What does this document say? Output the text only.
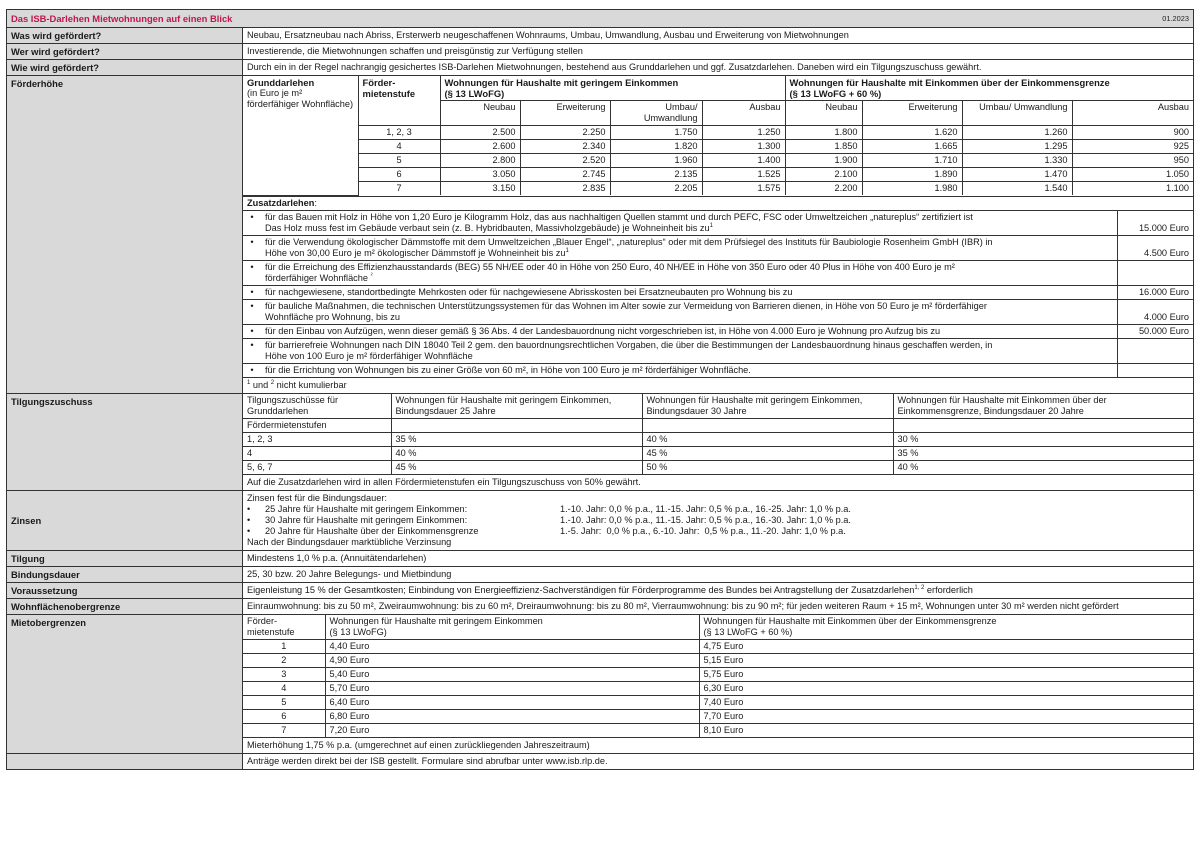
Das ISB-Darlehen Mietwohnungen auf einen Blick	01.2023

Was wird gefördert?	Neubau, Ersatzneubau nach Abriss, Ersterwerb neugeschaffenen Wohnraums, Umbau, Umwandlung, Ausbau und Erweiterung von Mietwohnungen

Wer wird gefördert?	Investierende, die Mietwohnungen schaffen und preisgünstig zur Verfügung stellen

Wie wird gefördert?	Durch ein in der Regel nachrangig gesichertes ISB-Darlehen Mietwohnungen, bestehend aus Grunddarlehen und ggf. Zusatzdarlehen. Daneben wird ein Tilgungszuschuss gewährt.

Förderhöhe		Grunddarlehen
(in Euro je m² förderfähiger Wohnfläche)
	Förder-mietenstufe	
Wohnungen für Haushalte mit geringem Einkommen
(§ 13 LWoFG)

Wohnungen für Haushalte mit Einkommen über der Einkommensgrenze
(§ 13 LWoFG + 60 %)

Neubau	Erweiterung	Umbau/ Umwandlung	Ausbau	Neubau	Erweiterung	Umbau/ Umwandlung	Ausbau
1, 2, 3	2.500	2.250	1.750	1.250	1.800	1.620	1.260	900
4	2.600	2.340	1.820	1.300	1.850	1.665	1.295	925
5	2.800	2.520	1.960	1.400	1.900	1.710	1.330	950
6	3.050	2.745	2.135	1.525	2.100	1.890	1.470	1.050
7	3.150	2.835	2.205	1.575	2.200	1.980	1.540	1.100
Zusatzdarlehen:
•	für das Bauen mit Holz in Höhe von 1,20 Euro je Kilogramm Holz, das aus nachhaltigen Quellen stammt und durch PEFC, FSC oder Umweltzeichen „natureplus“ zertifiziert ist
Das Holz muss fest im Gebäude verbaut sein (z. B. Hybridbauten, Massivholzgebäude) je Wohneinheit bis $zu^1$	15.000 Euro
•	für die Verwendung ökologischer Dämmstoffe mit dem Umweltzeichen „Blauer Engel“, „natureplus“ oder mit dem Prüfsiegel des Instituts für Baubiologie Rosenheim GmbH (IBR) in
Höhe von 30,00 Euro je m² ökologischer Dämmstoff je Wohneinheit bis $zu^1$	4.500 Euro
•	für die Erreichung des Effizienzhausstandards (BEG) 55 NH/EE oder 40 in Höhe von 250 Euro, 40 NH/EE in Höhe von 350 Euro oder 40 Plus in Höhe von 400 Euro je m²
förderfähiger Wohnfläche $^{^2}$

•	für nachgewiesene, standortbedingte Mehrkosten oder für nachgewiesene Abrisskosten bei Ersatzneubauten pro Wohnung bis zu	16.000 Euro
•	für bauliche Maßnahmen, die technischen Unterstützungssystemen für das Wohnen im Alter sowie zur Vermeidung von Barrieren dienen, in Höhe von 50 Euro je m² förderfähiger
Wohnfläche pro Wohnung, bis zu	4.000 Euro
•	für den Einbau von Aufzügen, wenn dieser gemäß § 36 Abs. 4 der Landesbauordnung nicht vorgeschrieben ist, in Höhe von 4.000 Euro je Wohnung pro Aufzug bis zu	50.000 Euro
•	für barrierefreie Wohnungen nach DIN 18040 Teil 2 gem. den bauordnungsrechtlichen Vorgaben, die über die Bestimmungen der Landesbauordnung hinaus geschaffen werden, in
Höhe von 100 Euro je m² förderfähiger Wohnfläche

•	für die Errichtung von Wohnungen bis zu einer Größe von 60 m², in Höhe von 100 Euro je m² förderfähiger Wohnfläche.

$^1$ und $^2$ nicht kumulierbar

Tilgungszuschuss		Tilgungszuschüsse für Grunddarlehen	Wohnungen für Haushalte mit geringem Einkommen, Bindungsdauer 25 Jahre	Wohnungen für Haushalte mit geringem Einkommen, Bindungsdauer 30 Jahre	Wohnungen für Haushalte mit Einkommen über der Einkommensgrenze, Bindungsdauer 20 Jahre
Fördermietenstufen			
1, 2, 3	35 %	40 %	30 %
4	40 %	45 %	35 %
5, 6, 7	45 %	50 %	40 %
Auf die Zusatzdarlehen wird in allen Fördermietenstufen ein Tilgungszuschuss von 50% gewährt.

Zinsen	
Zinsen fest für die Bindungsdauer:
•	25 Jahre für Haushalte mit geringem Einkommen:	1.-10. Jahr: 0,0 % p.a., 11.-15. Jahr: 0,5 % p.a., 16.-25. Jahr: 1,0 % p.a.
•	30 Jahre für Haushalte mit geringem Einkommen:	1.-10. Jahr: 0,0 % p.a., 11.-15. Jahr: 0,5 % p.a., 16.-30. Jahr: 1,0 % p.a.
•	20 Jahre für Haushalte über der Einkommensgrenze	1.-5. Jahr:  0,0 % p.a., 6.-10. Jahr:  0,5 % p.a., 11.-20. Jahr: 1,0 % p.a.
Nach der Bindungsdauer marktübliche Verzinsung

Tilgung	Mindestens 1,0 % p.a. (Annuitätendarlehen)

Bindungsdauer	25, 30 bzw. 20 Jahre Belegungs- und Mietbindung

Voraussetzung	Eigenleistung 15 % der Gesamtkosten; Einbindung von Energieeffizienz-Sachverständigen für Förderprogramme des Bundes bei Antragstellung der Zusatzdarlehen$^{1, 2}$ erforderlich

Wohnflächenobergrenze	Einraumwohnung: bis zu 50 m², Zweiraumwohnung: bis zu 60 m², Dreiraumwohnung: bis zu 80 m², Vierraumwohnung: bis zu 90 m²; für jeden weiteren Raum + 15 m², Wohnungen unter 30 m² werden nicht gefördert

Mietobergrenzen		Förder-mietenstufe	
Wohnungen für Haushalte mit geringem Einkommen
(§ 13 LWoFG)

Wohnungen für Haushalte mit Einkommen über der Einkommensgrenze
(§ 13 LWoFG + 60 %)

1	4,40 Euro	4,75 Euro
2	4,90 Euro	5,15 Euro
3	5,40 Euro	5,75 Euro
4	5,70 Euro	6,30 Euro
5	6,40 Euro	7,40 Euro
6	6,80 Euro	7,70 Euro
7	7,20 Euro	8,10 Euro
Mieterhöhung 1,75 % p.a. (umgerechnet auf einen zurückliegenden Jahreszeitraum)

Anträge werden direkt bei der ISB gestellt. Formulare sind abrufbar unter www.isb.rlp.de.
